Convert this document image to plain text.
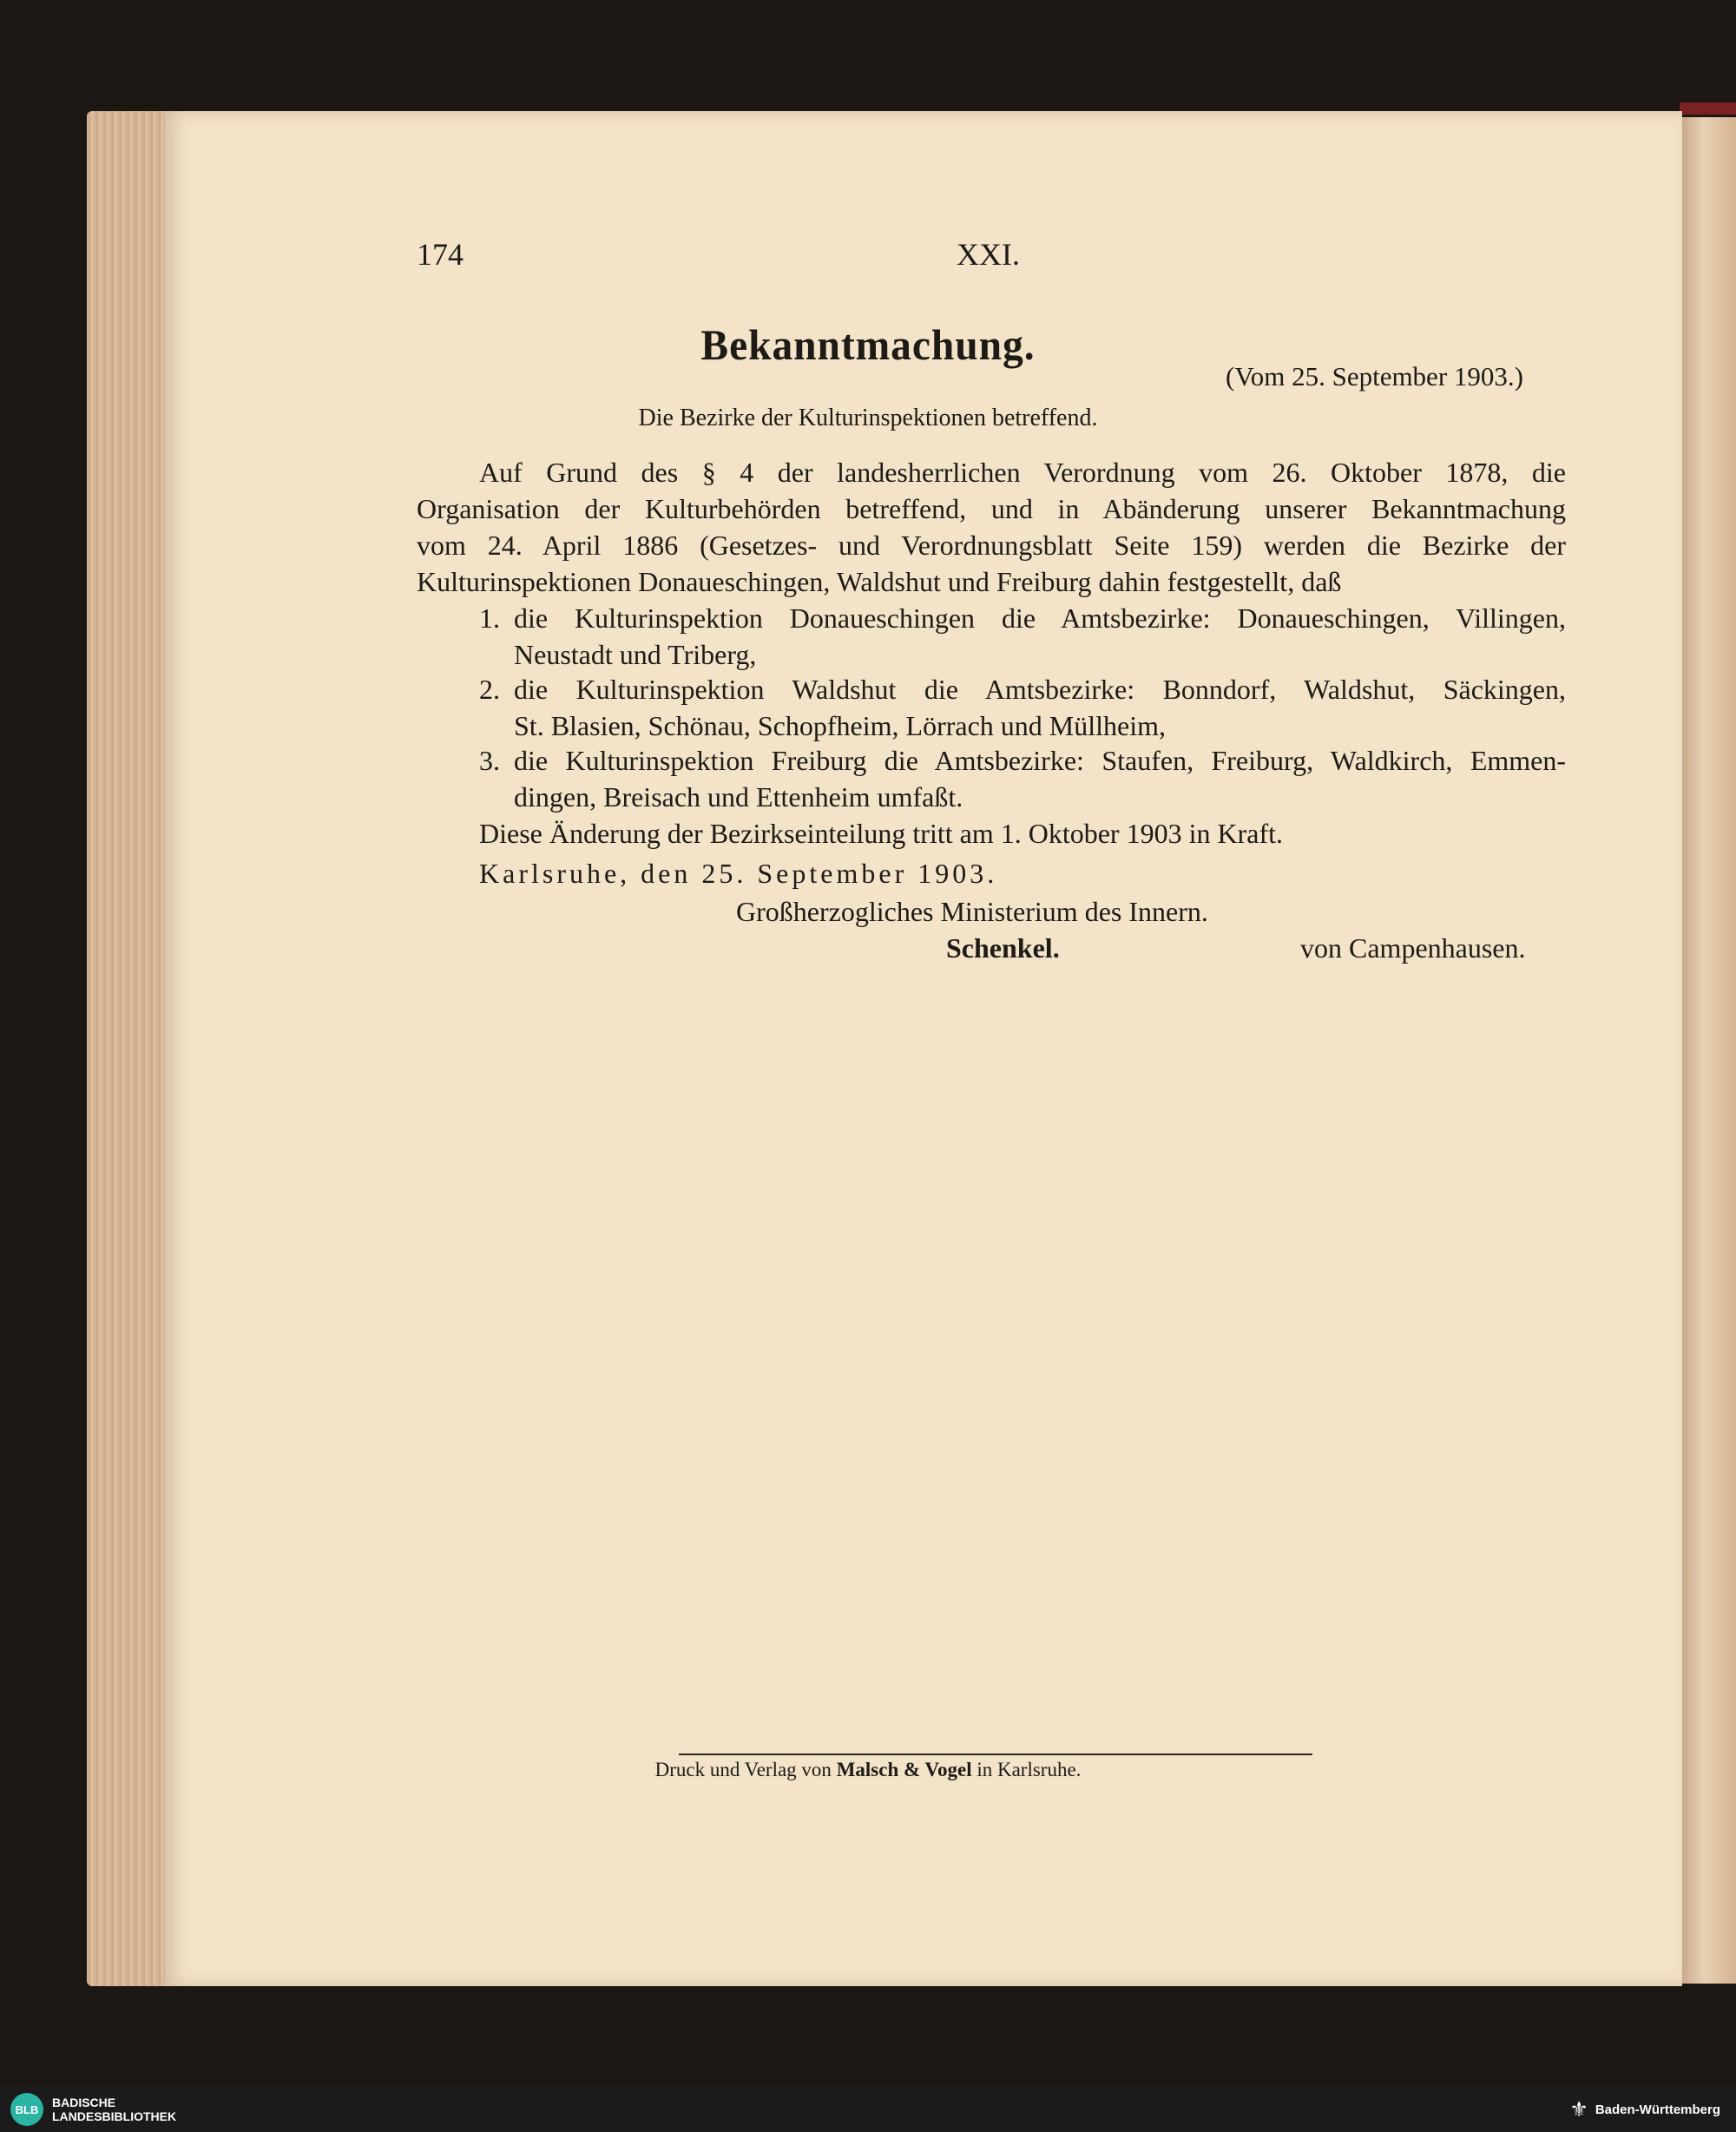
174	XXI.
Bekanntmachung.
(Vom 25. September 1903.)
Die Bezirke der Kulturinspektionen betreffend.
Auf Grund des § 4 der landesherrlichen Verordnung vom 26. Oktober 1878, die
Organisation der Kulturbehörden betreffend, und in Abänderung unserer Bekanntmachung
vom 24. April 1886 (Gesetzes- und Verordnungsblatt Seite 159) werden die Bezirke der
Kulturinspektionen Donaueschingen, Waldshut und Freiburg dahin festgestellt, daß
1. die Kulturinspektion Donaueschingen die Amtsbezirke: Donaueschingen, Villingen,
Neustadt und Triberg,
2. die Kulturinspektion Waldshut die Amtsbezirke: Bonndorf, Waldshut, Säckingen,
St. Blasien, Schönau, Schopfheim, Lörrach und Müllheim,
3. die Kulturinspektion Freiburg die Amtsbezirke: Staufen, Freiburg, Waldkirch, Emmen-
dingen, Breisach und Ettenheim umfaßt.
Diese Änderung der Bezirkseinteilung tritt am 1. Oktober 1903 in Kraft.
Karlsruhe, den 25. September 1903.
Großherzogliches Ministerium des Innern.
Schenkel.	von Campenhausen.
Druck und Verlag von Malsch & Vogel in Karlsruhe.
BLB	BADISCHE
LANDESBIBLIOTHEK	⚜ Baden-Württemberg
